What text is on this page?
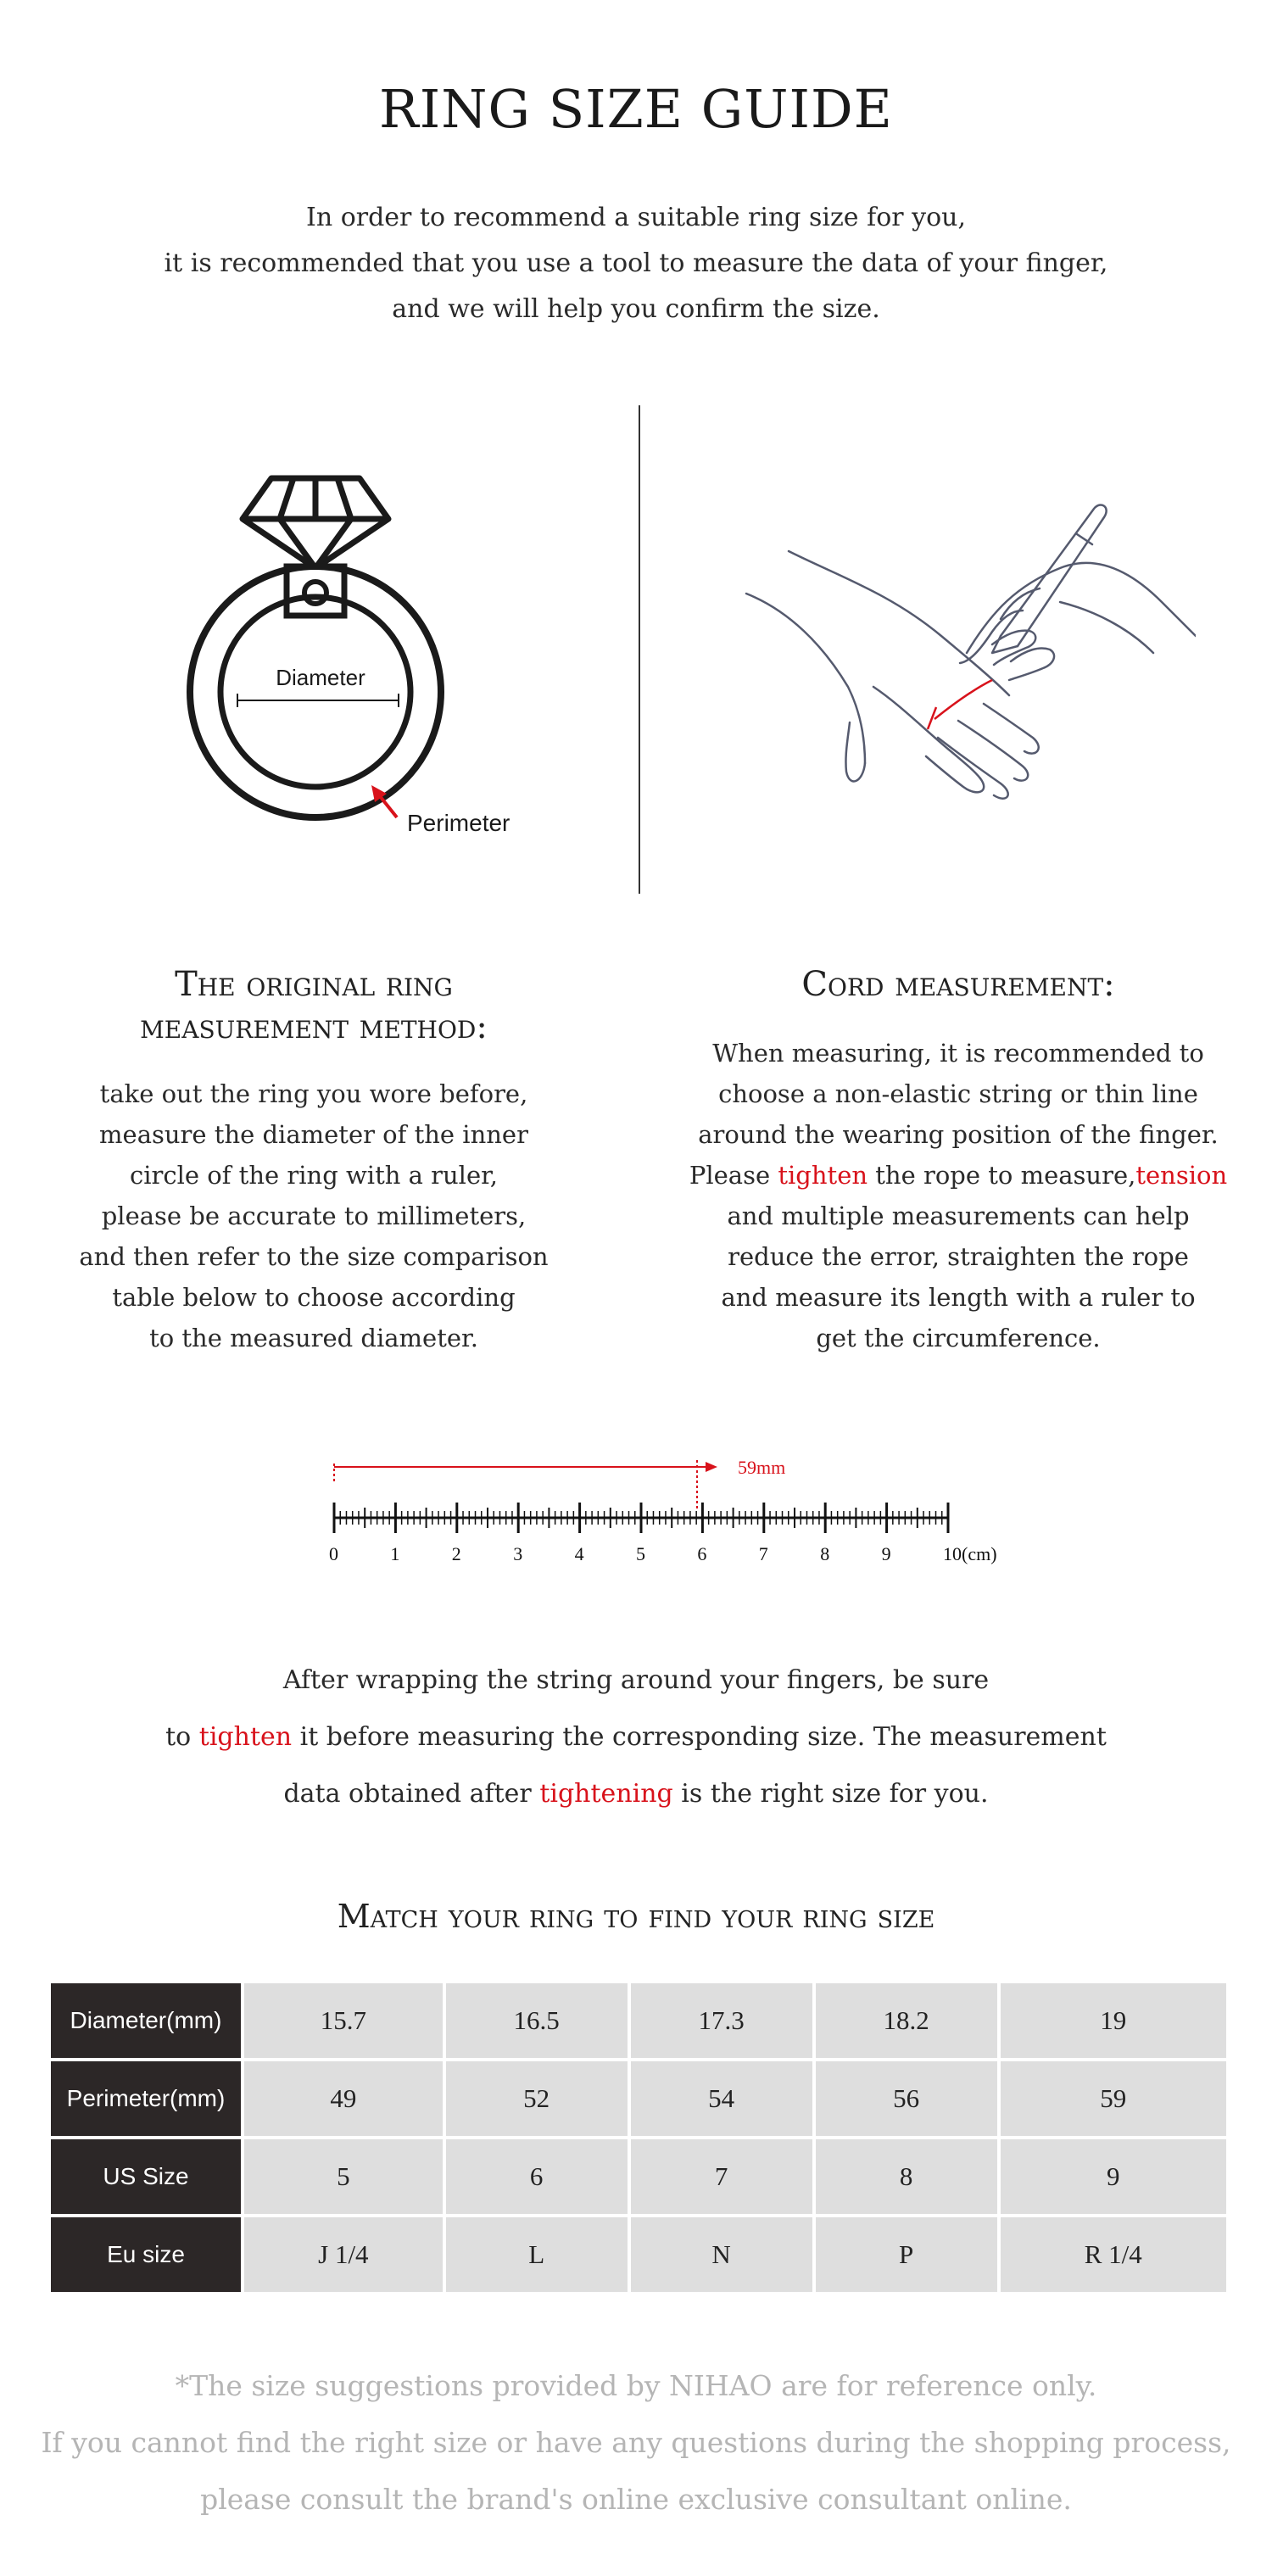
RING SIZE GUIDE
In order to recommend a suitable ring size for you,
it is recommended that you use a tool to measure the data of your finger,
and we will help you confirm the size.
Diameter
Perimeter
The original ring
measurement method:
take out the ring you wore before,
measure the diameter of the inner
circle of the ring with a ruler,
please be accurate to millimeters,
and then refer to the size comparison
table below to choose according
to the measured diameter.
Cord measurement:
When measuring, it is recommended to
choose a non-elastic string or thin line
around the wearing position of the finger.
Please tighten the rope to measure,tension
and multiple measurements can help
reduce the error, straighten the rope
and measure its length with a ruler to
get the circumference.
59mm
0	1	2	3	4	5	6	7	8	9	10(cm)
After wrapping the string around your fingers, be sure
to tighten it before measuring the corresponding size. The measurement
data obtained after tightening is the right size for you.
Match your ring to find your ring size
Diameter(mm)	15.7	16.5	17.3	18.2	19
Perimeter(mm)	49	52	54	56	59
US Size	5	6	7	8	9
Eu size	J 1/4	L	N	P	R 1/4
*The size suggestions provided by NIHAO are for reference only.
If you cannot find the right size or have any questions during the shopping process,
please consult the brand's online exclusive consultant online.
